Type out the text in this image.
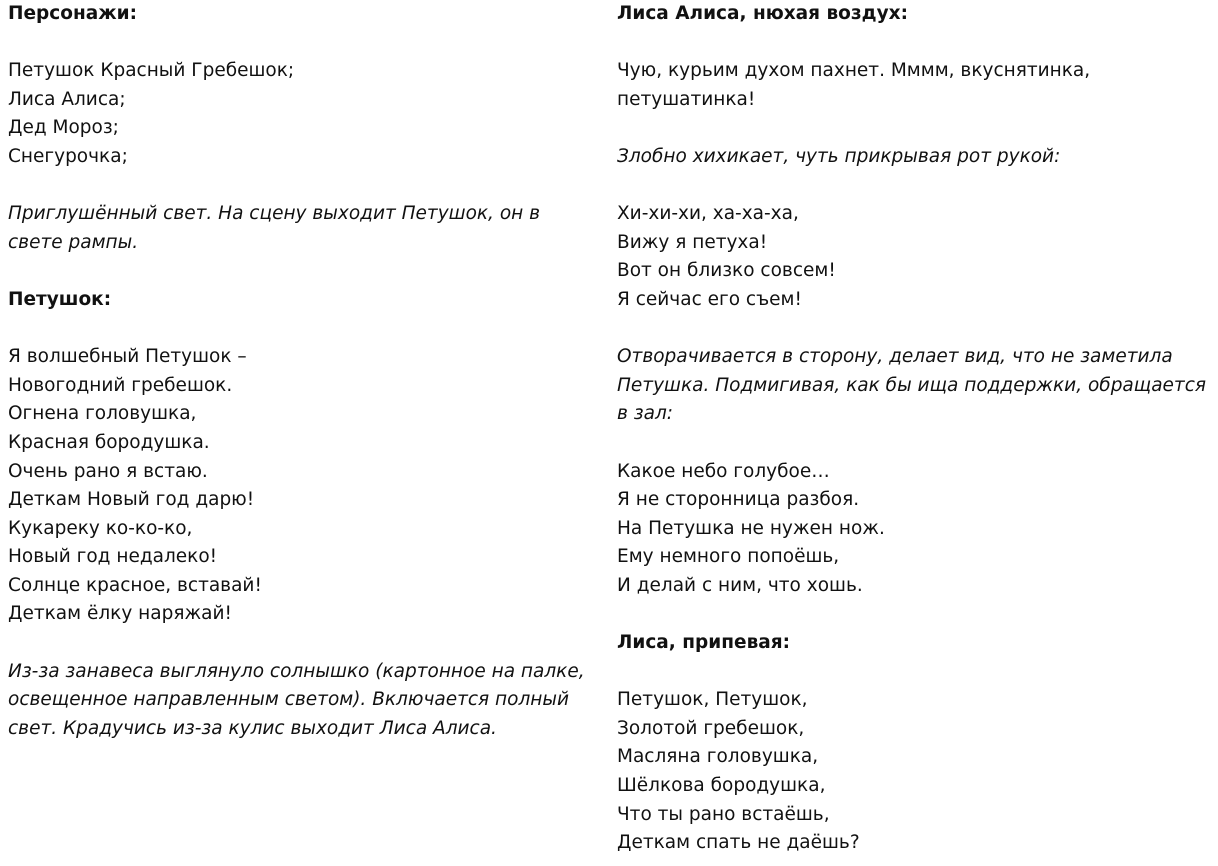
Персонажи:
Петушок Красный Гребешок;
Лиса Алиса;
Дед Мороз;
Снегурочка;
Приглушённый свет. На сцену выходит Петушок, он в
свете рампы.
Петушок:
Я волшебный Петушок –
Новогодний гребешок.
Огнена головушка,
Красная бородушка.
Очень рано я встаю.
Деткам Новый год дарю!
Кукареку ко-ко-ко,
Новый год недалеко!
Солнце красное, вставай!
Деткам ёлку наряжай!
Из-за занавеса выглянуло солнышко (картонное на палке,
освещенное направленным светом). Включается полный
свет. Крадучись из-за кулис выходит Лиса Алиса.
Лиса Алиса, нюхая воздух:
Чую, курьим духом пахнет. Мммм, вкуснятинка,
петушатинка!
Злобно хихикает, чуть прикрывая рот рукой:
Хи-хи-хи, ха-ха-ха,
Вижу я петуха!
Вот он близко совсем!
Я сейчас его съем!
Отворачивается в сторону, делает вид, что не заметила
Петушка. Подмигивая, как бы ища поддержки, обращается
в зал:
Какое небо голубое…
Я не сторонница разбоя.
На Петушка не нужен нож.
Ему немного попоёшь,
И делай с ним, что хошь.
Лиса, припевая:
Петушок, Петушок,
Золотой гребешок,
Масляна головушка,
Шёлкова бородушка,
Что ты рано встаёшь,
Деткам спать не даёшь?
